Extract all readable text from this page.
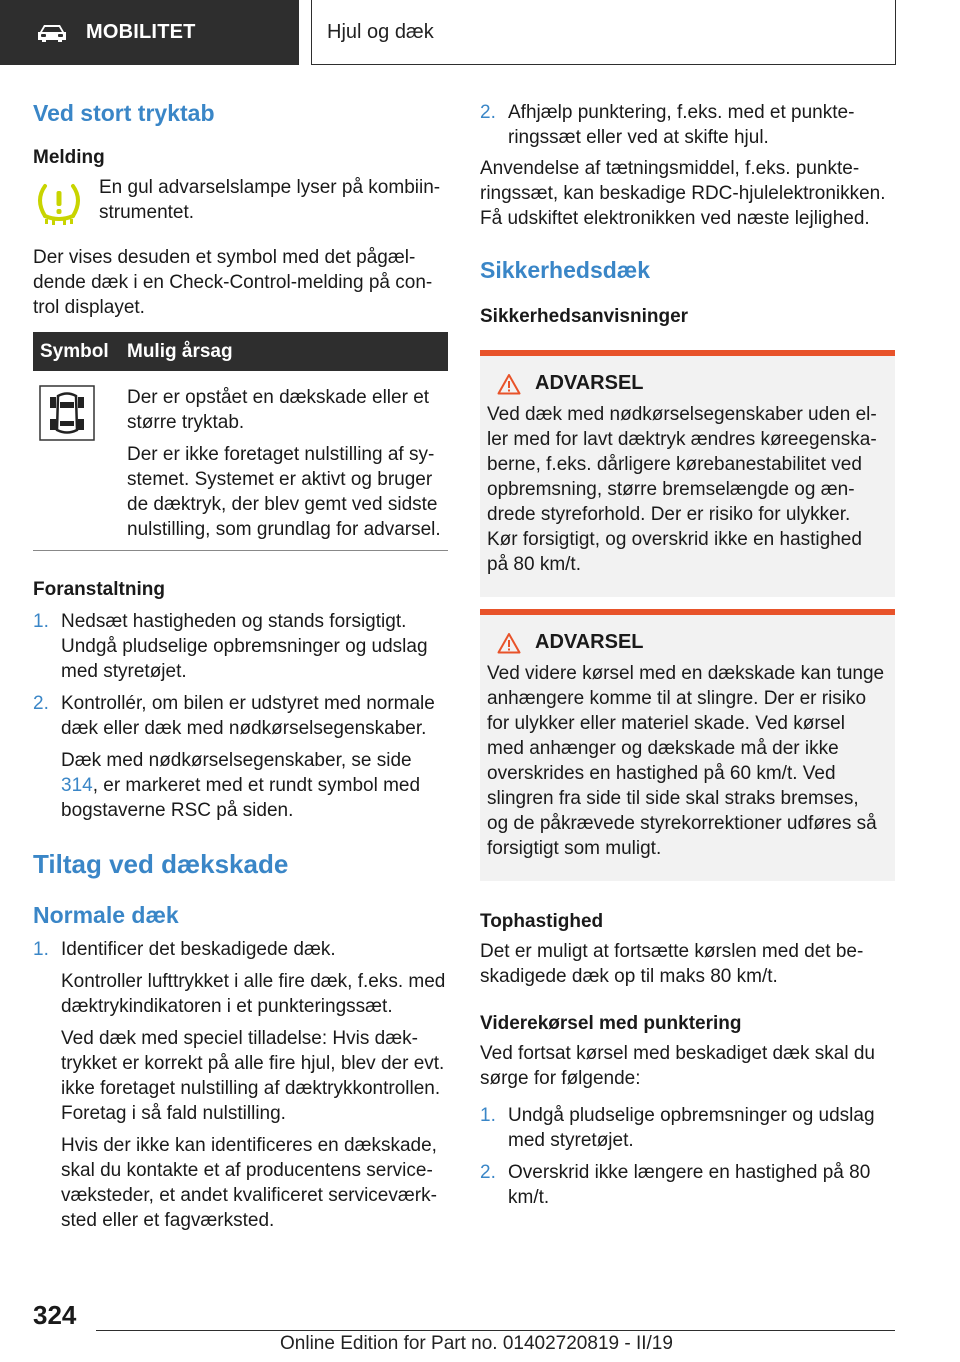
MOBILITET	Hjul og dæk
Ved stort tryktab
Melding
En gul advarselslampe lyser på kombiinstrumentet.
Der vises desuden et symbol med det pågældende dæk i en Check-Control-melding på control displayet.
Symbol	Mulig årsag

Der er opstået en dækskade eller et større tryktab.

Der er ikke foretaget nulstilling af systemet. Systemet er aktivt og bruger de dæktryk, der blev gemt ved sidste nulstilling, som grundlag for advarsel.

Foranstaltning
1. Nedsæt hastigheden og stands forsigtigt. Undgå pludselige opbremsninger og udslag med styretøjet.

2. Kontrollér, om bilen er udstyret med normale dæk eller dæk med nødkørselsegenskaber.

Dæk med nødkørselsegenskaber, se side 314, er markeret med et rundt symbol med bogstaverne RSC på siden.

Tiltag ved dækskade
Normale dæk
1. Identificer det beskadigede dæk.

Kontroller lufttrykket i alle fire dæk, f.eks. med dæktrykindikatoren i et punkteringssæt.

Ved dæk med speciel tilladelse: Hvis dæktrykket er korrekt på alle fire hjul, blev der evt. ikke foretaget nulstilling af dæktrykkontrollen. Foretag i så fald nulstilling.

Hvis der ikke kan identificeres en dækskade, skal du kontakte et af producentens servicevæksteder, et andet kvalificeret serviceværksted eller et fagværksted.

2. Afhjælp punktering, f.eks. med et punkteringssæt eller ved at skifte hjul.

Anvendelse af tætningsmiddel, f.eks. punkteringssæt, kan beskadige RDC-hjulelektronikken. Få udskiftet elektronikken ved næste lejlighed.

Sikkerhedsdæk
Sikkerhedsanvisninger
ADVARSEL

Ved dæk med nødkørselsegenskaber uden eller med for lavt dæktryk ændres køreegenskaberne, f.eks. dårligere kørebanestabilitet ved opbremsning, større bremselængde og ændrede styreforhold. Der er risiko for ulykker. Kør forsigtigt, og overskrid ikke en hastighed på 80 km/t.

ADVARSEL

Ved videre kørsel med en dækskade kan tunge anhængere komme til at slingre. Der er risiko for ulykker eller materiel skade. Ved kørsel med anhænger og dækskade må der ikke overskrides en hastighed på 60 km/t. Ved slingren fra side til side skal straks bremses, og de påkrævede styrekorrektioner udføres så forsigtigt som muligt.

Tophastighed

Det er muligt at fortsætte kørslen med det beskadigede dæk op til maks 80 km/t.

Viderekørsel med punktering

Ved fortsat kørsel med beskadiget dæk skal du sørge for følgende:

1. Undgå pludselige opbremsninger og udslag med styretøjet.

2. Overskrid ikke længere en hastighed på 80 km/t.

324
Online Edition for Part no. 01402720819 - II/19
